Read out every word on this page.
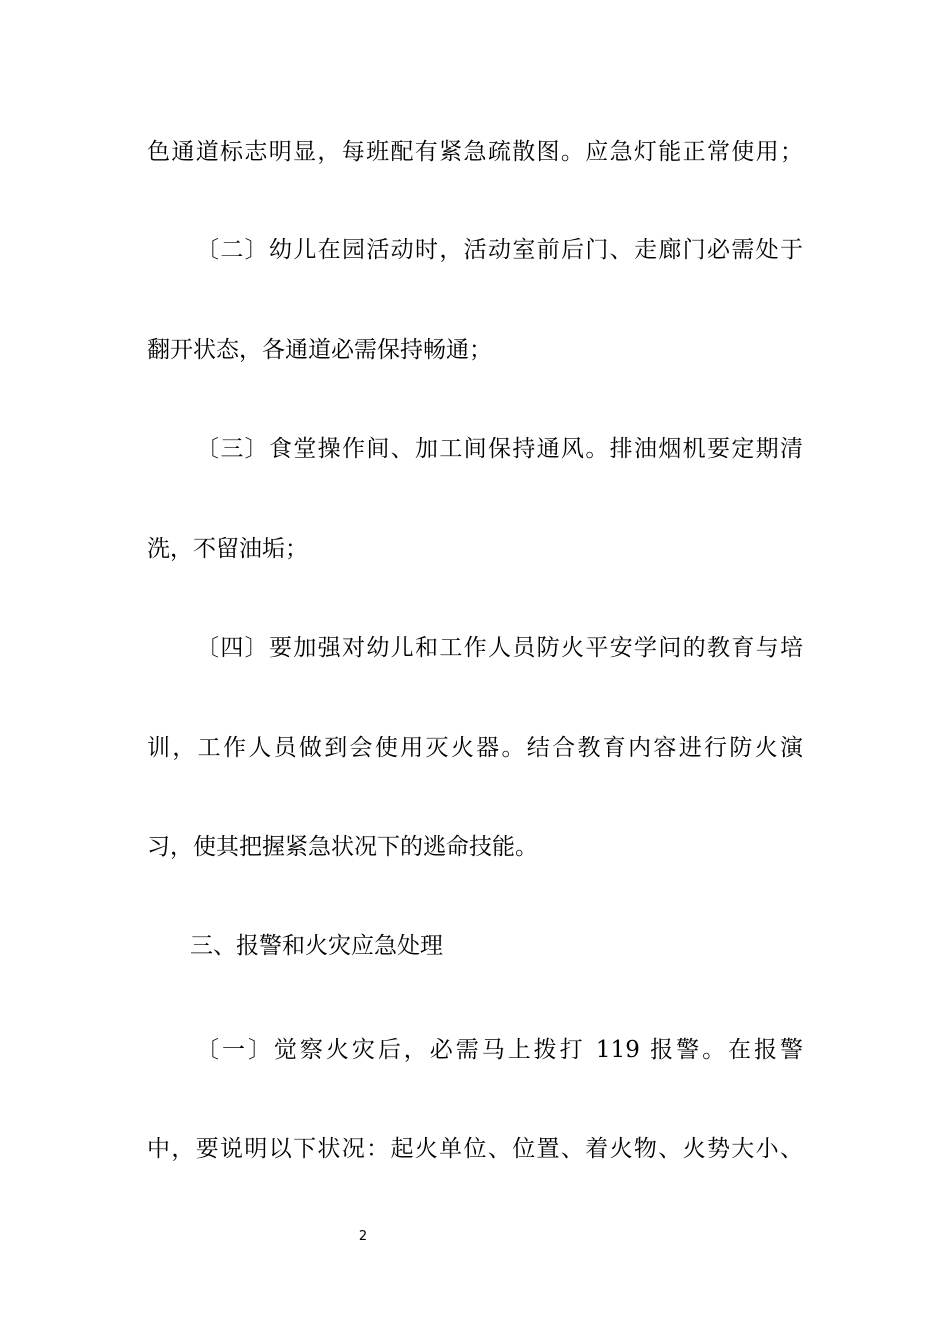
色通道标志明显，每班配有紧急疏散图。应急灯能正常使用；
〔二〕幼儿在园活动时，活动室前后门、走廊门必需处于
翻开状态，各通道必需保持畅通；
〔三〕食堂操作间、加工间保持通风。排油烟机要定期清
洗，不留油垢；
〔四〕要加强对幼儿和工作人员防火平安学问的教育与培
训，工作人员做到会使用灭火器。结合教育内容进行防火演
习，使其把握紧急状况下的逃命技能。
三、报警和火灾应急处理
〔一〕觉察火灾后，必需马上拨打 119 报警。在报警
中，要说明以下状况：起火单位、位置、着火物、火势大小、
2
